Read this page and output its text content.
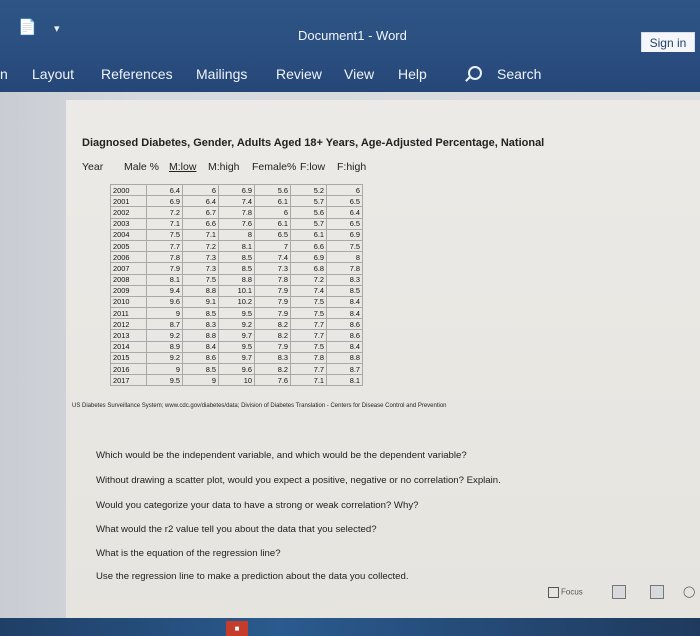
📄 ▾	Document1 - Word	Sign in
n Layout References Mailings Review View Help	Search
Diagnosed Diabetes, Gender, Adults Aged 18+ Years, Age-Adjusted Percentage, National
Year Male % M:low M:high Female% F:low F:high
2000	6.4	6	6.9	5.6	5.2	6
2001	6.9	6.4	7.4	6.1	5.7	6.5
2002	7.2	6.7	7.8	6	5.6	6.4
2003	7.1	6.6	7.6	6.1	5.7	6.5
2004	7.5	7.1	8	6.5	6.1	6.9
2005	7.7	7.2	8.1	7	6.6	7.5
2006	7.8	7.3	8.5	7.4	6.9	8
2007	7.9	7.3	8.5	7.3	6.8	7.8
2008	8.1	7.5	8.8	7.8	7.2	8.3
2009	9.4	8.8	10.1	7.9	7.4	8.5
2010	9.6	9.1	10.2	7.9	7.5	8.4
2011	9	8.5	9.5	7.9	7.5	8.4
2012	8.7	8.3	9.2	8.2	7.7	8.6
2013	9.2	8.8	9.7	8.2	7.7	8.6
2014	8.9	8.4	9.5	7.9	7.5	8.4
2015	9.2	8.6	9.7	8.3	7.8	8.8
2016	9	8.5	9.6	8.2	7.7	8.7
2017	9.5	9	10	7.6	7.1	8.1
US Diabetes Surveillance System; www.cdc.gov/diabetes/data; Division of Diabetes Translation - Centers for Disease Control and Prevention
Which would be the independent variable, and which would be the dependent variable?
Without drawing a scatter plot, would you expect a positive, negative or no correlation? Explain.
Would you categorize your data to have a strong or weak correlation? Why?
What would the r2 value tell you about the data that you selected?
What is the equation of the regression line?
Use the regression line to make a prediction about the data you collected.
Focus	◯
■
